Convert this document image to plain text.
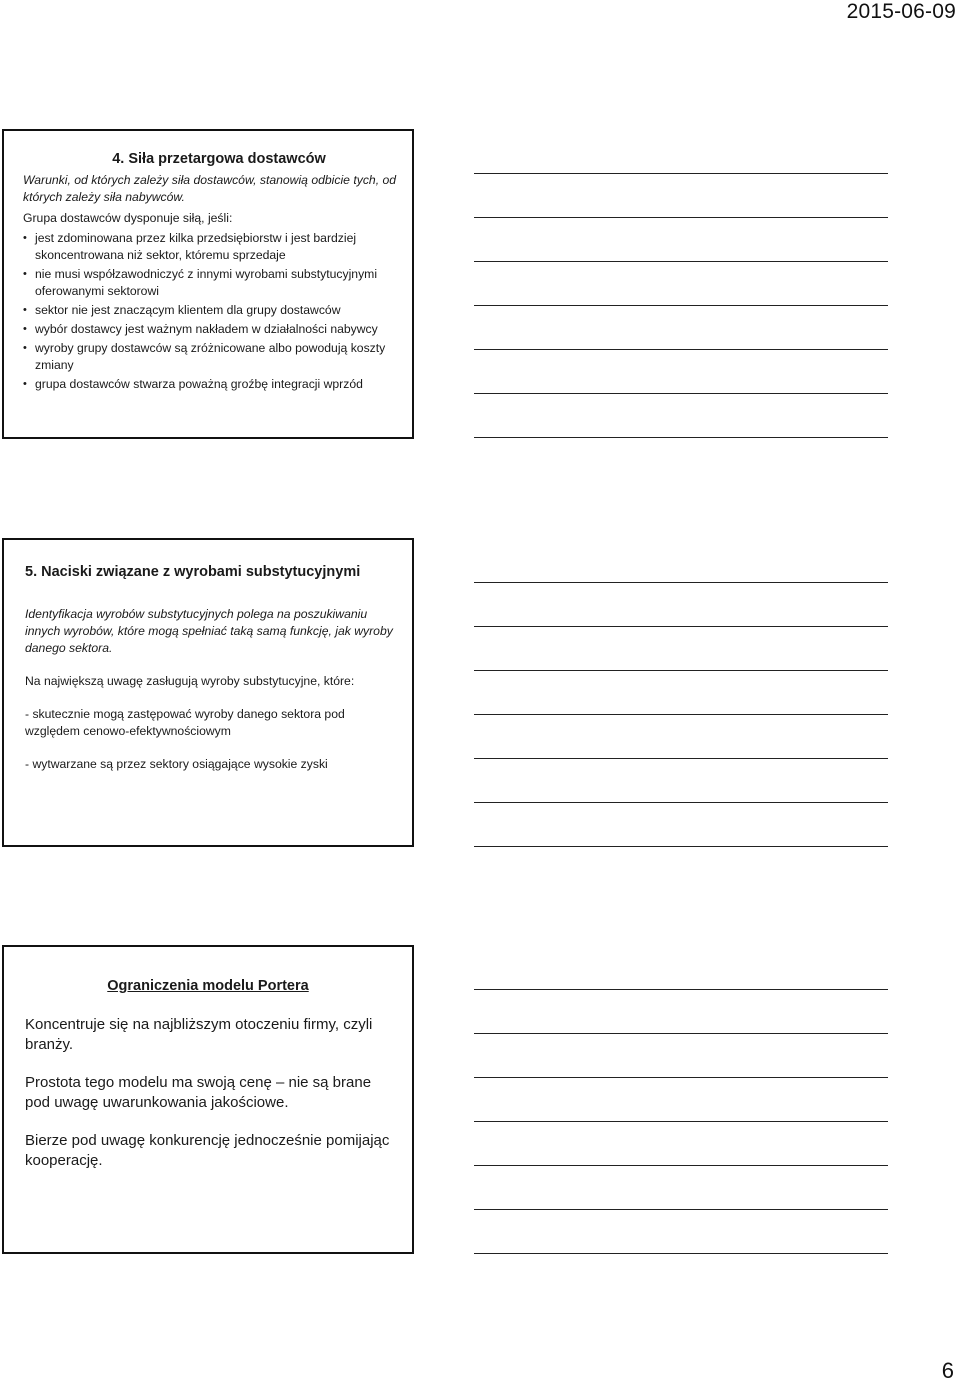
2015-06-09
4. Siła przetargowa dostawców
Warunki, od których zależy siła dostawców, stanowią odbicie tych, od których zależy siła nabywców.
Grupa dostawców dysponuje siłą, jeśli:
• jest zdominowana przez kilka przedsiębiorstw i jest bardziej skoncentrowana niż sektor, któremu sprzedaje
• nie musi współzawodniczyć z innymi wyrobami substytucyjnymi oferowanymi sektorowi
• sektor nie jest znaczącym klientem dla grupy dostawców
• wybór dostawcy jest ważnym nakładem w działalności nabywcy
• wyroby grupy dostawców są zróżnicowane albo powodują koszty zmiany
• grupa dostawców stwarza poważną groźbę integracji wprzód
5. Naciski związane z wyrobami substytucyjnymi

Identyfikacja wyrobów substytucyjnych polega na poszukiwaniu innych wyrobów, które mogą spełniać taką samą funkcję, jak wyroby danego sektora.

Na największą uwagę zasługują wyroby substytucyjne, które:

- skutecznie mogą zastępować wyroby danego sektora pod względem cenowo-efektywnościowym

- wytwarzane są przez sektory osiągające wysokie zyski

Ograniczenia modelu Portera

Koncentruje się na najbliższym otoczeniu firmy, czyli branży.

Prostota tego modelu ma swoją cenę – nie są brane pod uwagę uwarunkowania jakościowe.

Bierze pod uwagę konkurencję jednocześnie pomijając kooperację.

6
